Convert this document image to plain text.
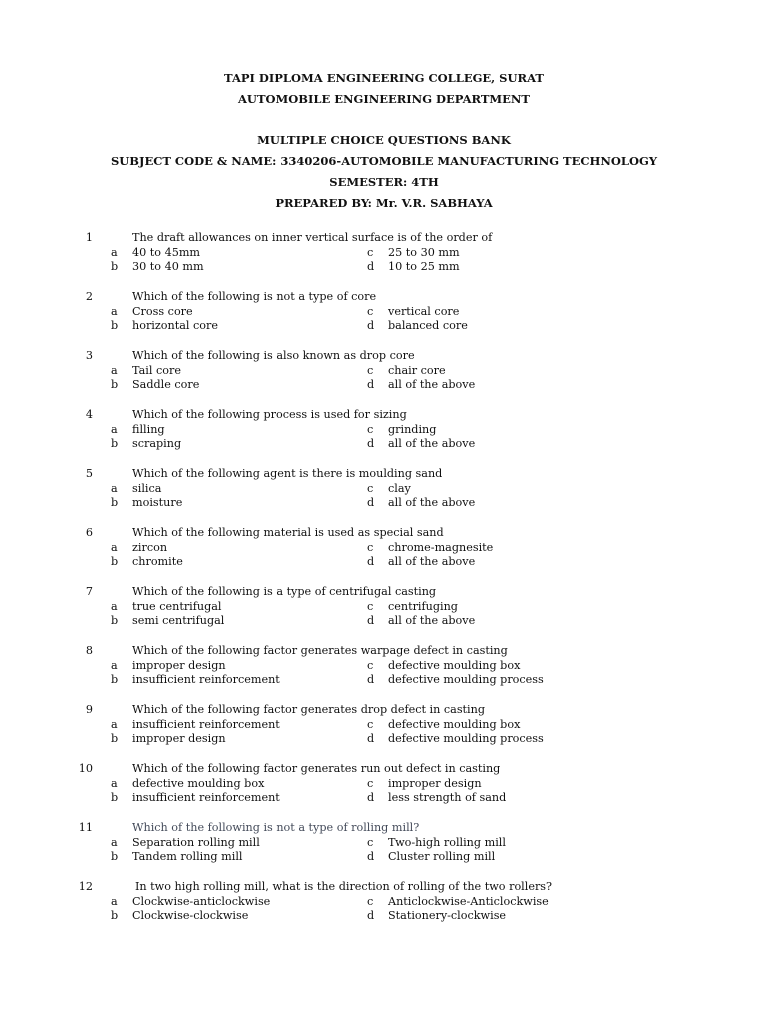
TAPI DIPLOMA ENGINEERING COLLEGE, SURAT
AUTOMOBILE ENGINEERING DEPARTMENT
MULTIPLE CHOICE QUESTIONS BANK
SUBJECT CODE & NAME: 3340206-AUTOMOBILE MANUFACTURING TECHNOLOGY
SEMESTER: 4TH
PREPARED BY: Mr. V.R. SABHAYA
1	The draft allowances on inner vertical surface is of the order of
a 40 to 45mm	c 25 to 30 mm
b 30 to 40 mm	d 10 to 25 mm
2	Which of the following is not a type of core
a Cross core	c vertical core
b horizontal core	d balanced core
3	Which of the following is also known as drop core
a Tail core	c chair core
b Saddle core	d all of the above
4	Which of the following process is used for sizing
a filling	c grinding
b scraping	d all of the above
5	Which of the following agent is there is moulding sand
a silica	c clay
b moisture	d all of the above
6	Which of the following material is used as special sand
a zircon	c chrome-magnesite
b chromite	d all of the above
7	Which of the following is a type of centrifugal casting
a true centrifugal	c centrifuging
b semi centrifugal	d all of the above
8	Which of the following factor generates warpage defect in casting
a improper design	c defective moulding box
b insufficient reinforcement	d defective moulding process
9	Which of the following factor generates drop defect in casting
a insufficient reinforcement	c defective moulding box
b improper design	d defective moulding process
10	Which of the following factor generates run out defect in casting
a defective moulding box	c improper design
b insufficient reinforcement	d less strength of sand
11	Which of the following is not a type of rolling mill?
a Separation rolling mill	c Two-high rolling mill
b Tandem rolling mill	d Cluster rolling mill
12	In two high rolling mill, what is the direction of rolling of the two rollers?
a Clockwise-anticlockwise	c Anticlockwise-Anticlockwise
b Clockwise-clockwise	d Stationery-clockwise
